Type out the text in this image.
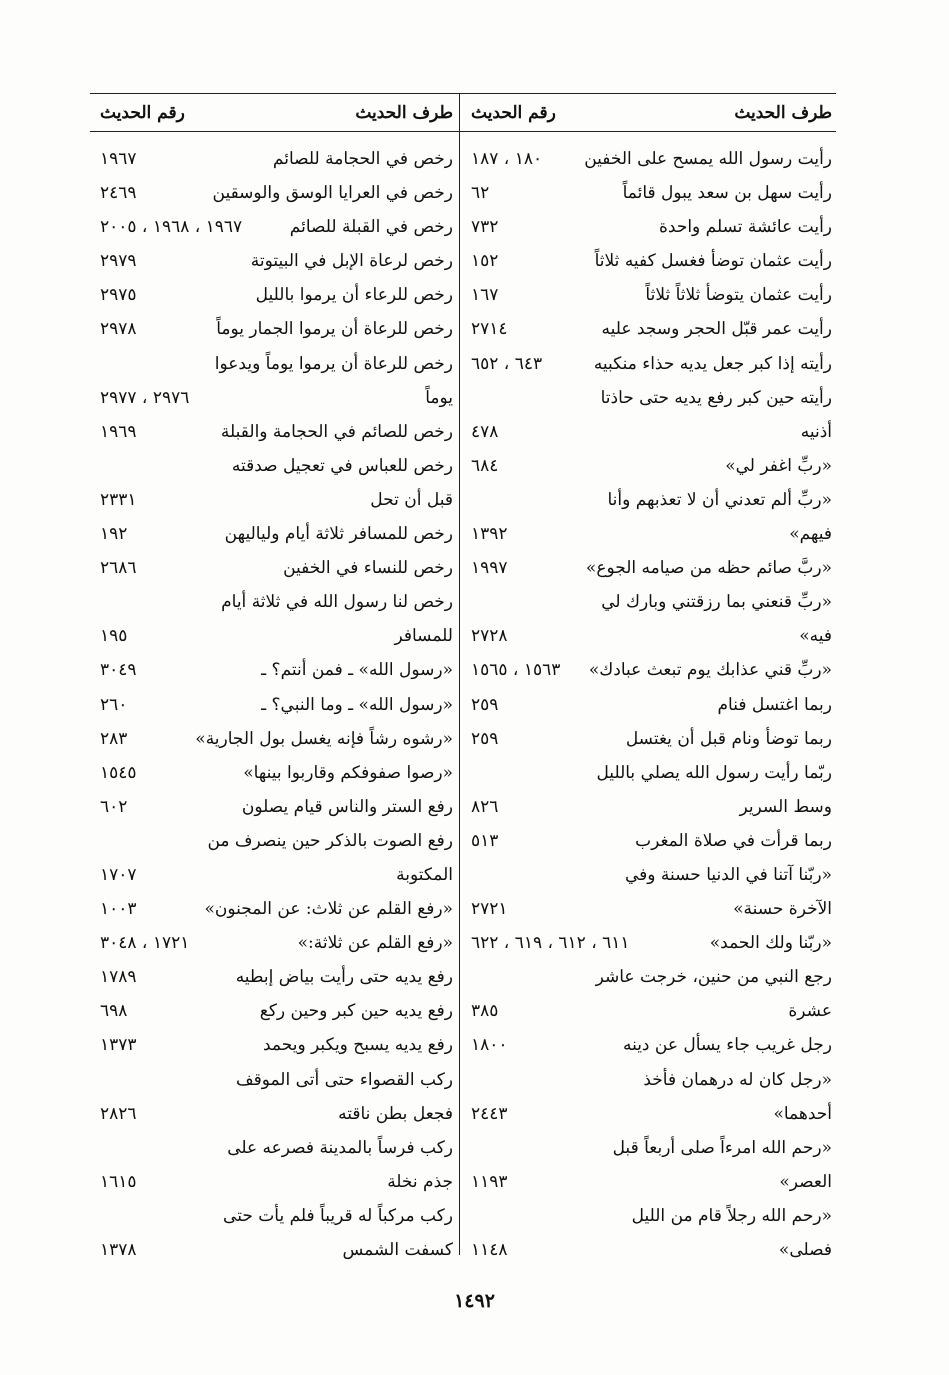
طرف الحديث
رقم الحديث
رأيت رسول الله يمسح على الخفين
١٨٠ ، ١٨٧
رأيت سهل بن سعد يبول قائماً
٦٢
رأيت عائشة تسلم واحدة
٧٣٢
رأيت عثمان توضأ فغسل كفيه ثلاثاً
١٥٢
رأيت عثمان يتوضأ ثلاثاً ثلاثاً
١٦٧
رأيت عمر قبّل الحجر وسجد عليه
٢٧١٤
رأيته إذا كبر جعل يديه حذاء منكبيه
٦٤٣ ، ٦٥٢
رأيته حين كبر رفع يديه حتى حاذتا
أذنيه
٤٧٨
«ربِّ اغفر لي»
٦٨٤
«ربِّ ألم تعدني أن لا تعذبهم وأنا
فيهم»
١٣٩٢
«ربَّ صائم حظه من صيامه الجوع»
١٩٩٧
«ربِّ قنعني بما رزقتني وبارك لي
فيه»
٢٧٢٨
«ربِّ قني عذابك يوم تبعث عبادك»
١٥٦٣ ، ١٥٦٥
ربما اغتسل فنام
٢٥٩
ربما توضأ ونام قبل أن يغتسل
٢٥٩
ربّما رأيت رسول الله يصلي بالليل
وسط السرير
٨٢٦
ربما قرأت في صلاة المغرب
٥١٣
«ربّنا آتنا في الدنيا حسنة وفي
الآخرة حسنة»
٢٧٢١
«ربّنا ولك الحمد»
٦١١ ، ٦١٢ ، ٦١٩ ، ٦٢٢
رجع النبي من حنين، خرجت عاشر
عشرة
٣٨٥
رجل غريب جاء يسأل عن دينه
١٨٠٠
«رجل كان له درهمان فأخذ
أحدهما»
٢٤٤٣
«رحم الله امرءاً صلى أربعاً قبل
العصر»
١١٩٣
«رحم الله رجلاً قام من الليل
فصلى»
١١٤٨
طرف الحديث
رقم الحديث
رخص في الحجامة للصائم
١٩٦٧
رخص في العرايا الوسق والوسقين
٢٤٦٩
رخص في القبلة للصائم
١٩٦٧ ، ١٩٦٨ ، ٢٠٠٥
رخص لرعاة الإبل في البيتوتة
٢٩٧٩
رخص للرعاء أن يرموا بالليل
٢٩٧٥
رخص للرعاة أن يرموا الجمار يوماً
٢٩٧٨
رخص للرعاة أن يرموا يوماً ويدعوا
يوماً
٢٩٧٦ ، ٢٩٧٧
رخص للصائم في الحجامة والقبلة
١٩٦٩
رخص للعباس في تعجيل صدقته
قبل أن تحل
٢٣٣١
رخص للمسافر ثلاثة أيام ولياليهن
١٩٢
رخص للنساء في الخفين
٢٦٨٦
رخص لنا رسول الله في ثلاثة أيام
للمسافر
١٩٥
«رسول الله» ـ فمن أنتم؟ ـ
٣٠٤٩
«رسول الله» ـ وما النبي؟ ـ
٢٦٠
«رشوه رشاً فإنه يغسل بول الجارية»
٢٨٣
«رصوا صفوفكم وقاربوا بينها»
١٥٤٥
رفع الستر والناس قيام يصلون
٦٠٢
رفع الصوت بالذكر حين ينصرف من
المكتوبة
١٧٠٧
«رفع القلم عن ثلاث: عن المجنون»
١٠٠٣
«رفع القلم عن ثلاثة:»
١٧٢١ ، ٣٠٤٨
رفع يديه حتى رأيت بياض إبطيه
١٧٨٩
رفع يديه حين كبر وحين ركع
٦٩٨
رفع يديه يسبح ويكبر ويحمد
١٣٧٣
ركب القصواء حتى أتى الموقف
فجعل بطن ناقته
٢٨٢٦
ركب فرساً بالمدينة فصرعه على
جذم نخلة
١٦١٥
ركب مركباً له قريباً فلم يأت حتى
كسفت الشمس
١٣٧٨
١٤٩٢
